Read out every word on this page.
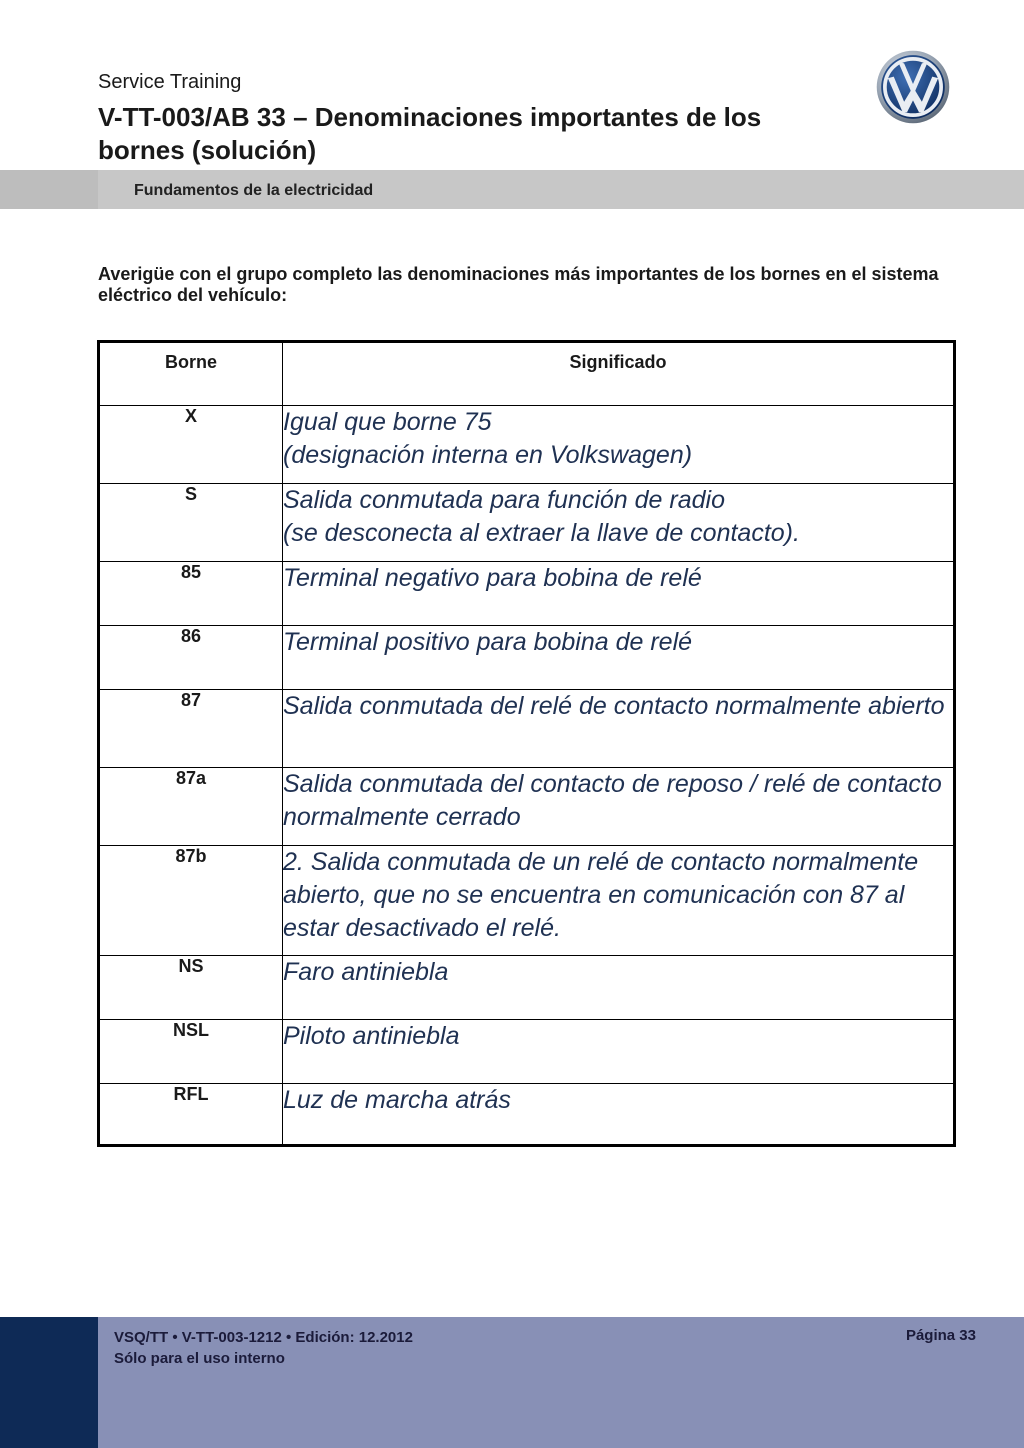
Service Training
V-TT-003/AB 33 – Denominaciones importantes de los bornes (solución)
Fundamentos de la electricidad
Averigüe con el grupo completo las denominaciones más importantes de los bornes en el sistema eléctrico del vehículo:
Borne	Significado
X	Igual que borne 75
(designación interna en Volkswagen)
S	Salida conmutada para función de radio
(se desconecta al extraer la llave de contacto).
85	Terminal negativo para bobina de relé
86	Terminal positivo para bobina de relé
87	Salida conmutada del relé de contacto normalmente abierto
87a	Salida conmutada del contacto de reposo / relé de contacto normalmente cerrado
87b	2. Salida conmutada de un relé de contacto normalmente abierto, que no se encuentra en comunicación con 87 al estar desactivado el relé.
NS	Faro antiniebla
NSL	Piloto antiniebla
RFL	Luz de marcha atrás
VSQ/TT • V-TT-003-1212 • Edición: 12.2012
Sólo para el uso interno
Página 33
